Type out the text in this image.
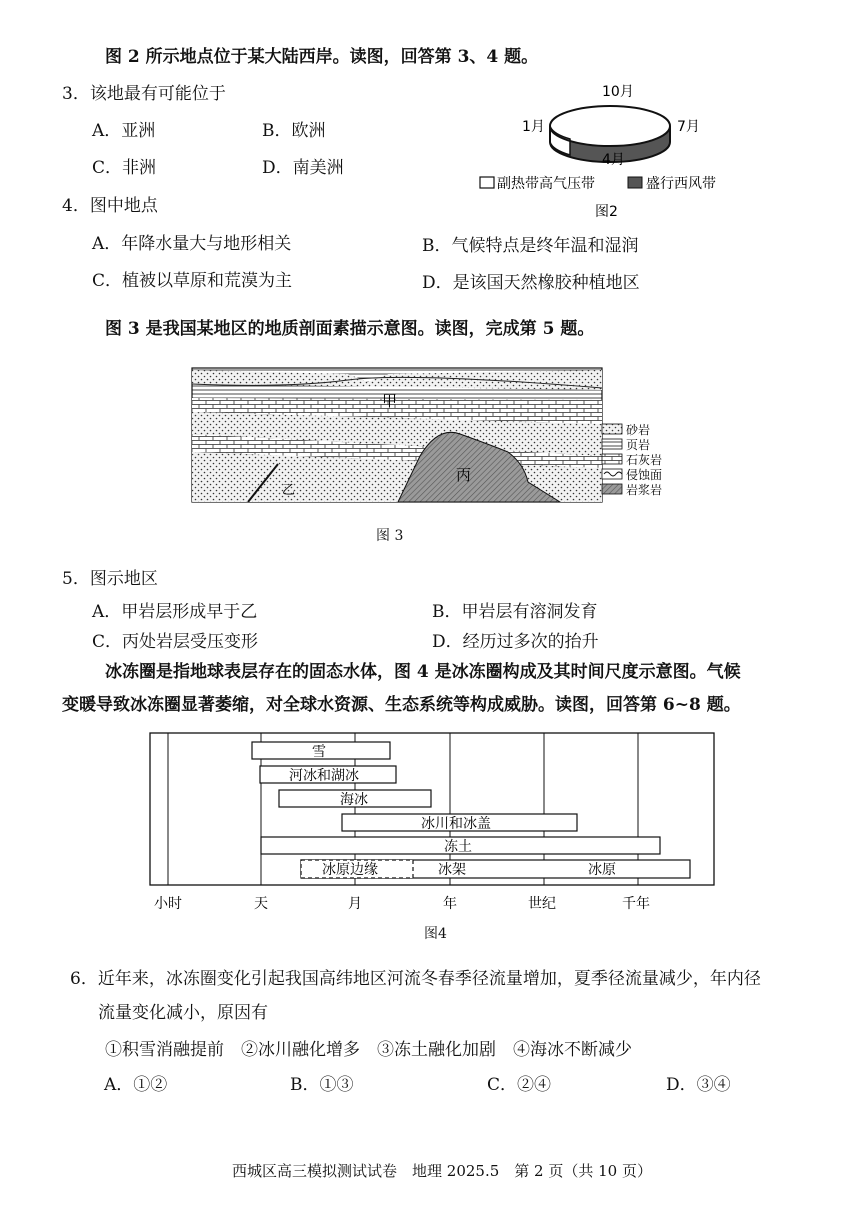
图 2 所示地点位于某大陆西岸。读图，回答第 3、4 题。
3．该地最有可能位于
A．亚洲	B．欧洲
C．非洲	D．南美洲
4．图中地点
A．年降水量大与地形相关	B．气候特点是终年温和湿润
C．植被以草原和荒漠为主	D．是该国天然橡胶种植地区
10月
1月	7月
4月
副热带高气压带	盛行西风带
图2
图 3 是我国某地区的地质剖面素描示意图。读图，完成第 5 题。
甲
丙
乙
砂岩
页岩
石灰岩
侵蚀面
岩浆岩
图 3
5．图示地区
A．甲岩层形成早于乙	B．甲岩层有溶洞发育
C．丙处岩层受压变形	D．经历过多次的抬升
冰冻圈是指地球表层存在的固态水体，图 4 是冰冻圈构成及其时间尺度示意图。气候
变暖导致冰冻圈显著萎缩，对全球水资源、生态系统等构成威胁。读图，回答第 6~8 题。
雪
河冰和湖冰
海冰
冰川和冰盖
冻土
冰原边缘	冰架	冰原
小时	天	月	年	世纪	千年
图4
6．近年来，冰冻圈变化引起我国高纬地区河流冬春季径流量增加，夏季径流量减少，年内径
流量变化减小，原因有
①积雪消融提前　②冰川融化增多　③冻土融化加剧　④海冰不断减少
A．①②	B．①③	C．②④	D．③④
西城区高三模拟测试试卷　地理 2025.5　第 2 页（共 10 页）
